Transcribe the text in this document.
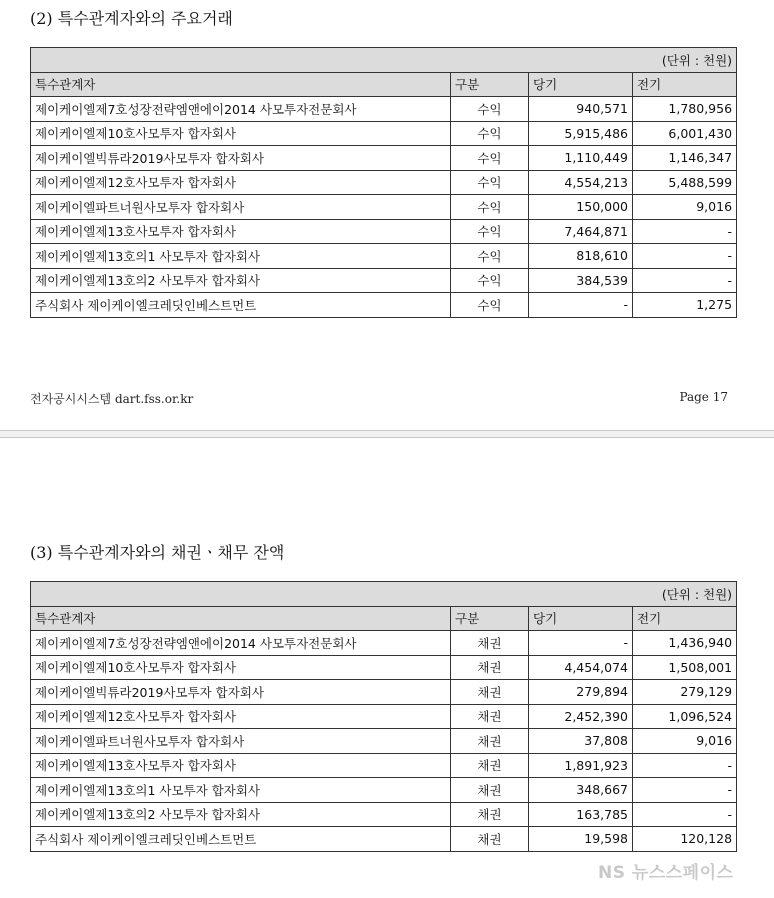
(2) 특수관계자와의 주요거래
(단위 : 천원)			
특수관계자	구분	당기	전기
제이케이엘제7호성장전략엠앤에이2014 사모투자전문회사	수익	940,571	1,780,956
제이케이엘제10호사모투자 합자회사	수익	5,915,486	6,001,430
제이케이엘빅튜라2019사모투자 합자회사	수익	1,110,449	1,146,347
제이케이엘제12호사모투자 합자회사	수익	4,554,213	5,488,599
제이케이엘파트너원사모투자 합자회사	수익	150,000	9,016
제이케이엘제13호사모투자 합자회사	수익	7,464,871	-
제이케이엘제13호의1 사모투자 합자회사	수익	818,610	-
제이케이엘제13호의2 사모투자 합자회사	수익	384,539	-
주식회사 제이케이엘크레딧인베스트먼트	수익	-	1,275
전자공시시스템 dart.fss.or.kr	Page 17
(3) 특수관계자와의 채권ㆍ채무 잔액
(단위 : 천원)			
특수관계자	구분	당기	전기
제이케이엘제7호성장전략엠앤에이2014 사모투자전문회사	채권	-	1,436,940
제이케이엘제10호사모투자 합자회사	채권	4,454,074	1,508,001
제이케이엘빅튜라2019사모투자 합자회사	채권	279,894	279,129
제이케이엘제12호사모투자 합자회사	채권	2,452,390	1,096,524
제이케이엘파트너원사모투자 합자회사	채권	37,808	9,016
제이케이엘제13호사모투자 합자회사	채권	1,891,923	-
제이케이엘제13호의1 사모투자 합자회사	채권	348,667	-
제이케이엘제13호의2 사모투자 합자회사	채권	163,785	-
주식회사 제이케이엘크레딧인베스트먼트	채권	19,598	120,128
NS 뉴스스페이스
